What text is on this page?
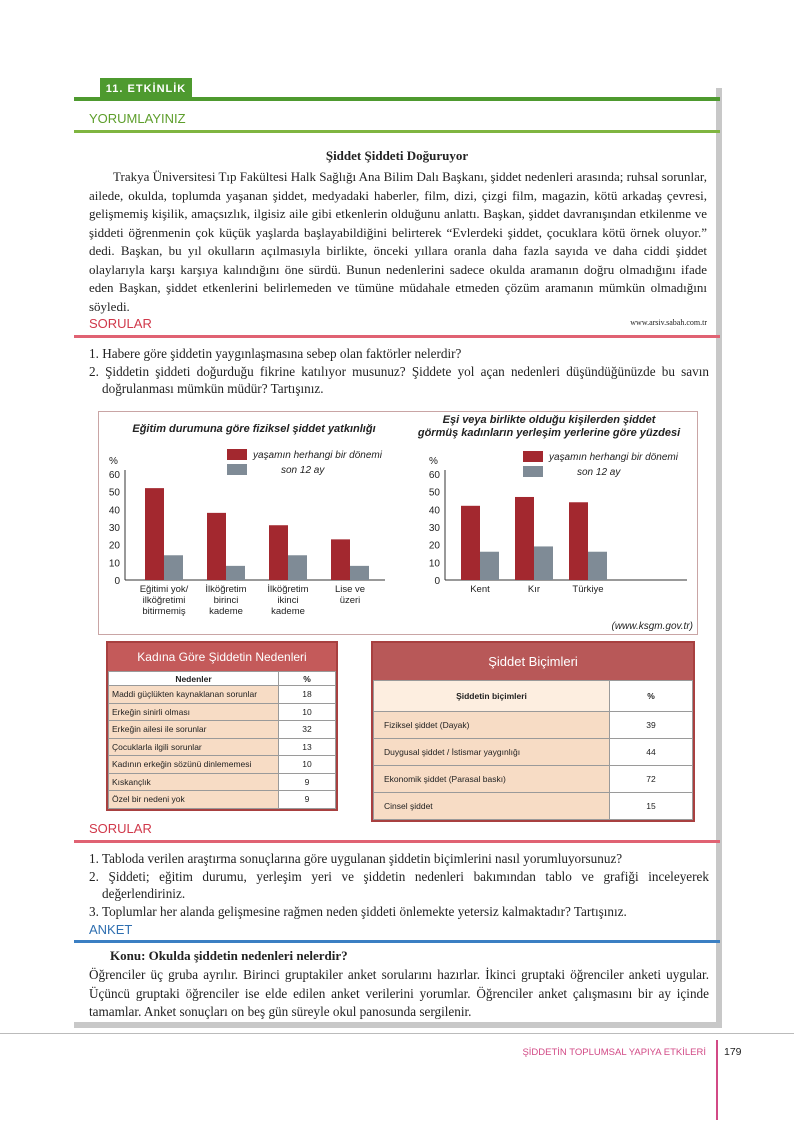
11. ETKİNLİK
YORUMLAYINIZ
Şiddet Şiddeti Doğuruyor

Trakya Üniversitesi Tıp Fakültesi Halk Sağlığı Ana Bilim Dalı Başkanı, şiddet nedenleri arasında; ruhsal sorunlar, ailede, okulda, toplumda yaşanan şiddet, medyadaki haberler, film, dizi, çizgi film, magazin, kötü arkadaş çevresi, gelişmemiş kişilik, amaçsızlık, ilgisiz aile gibi etkenlerin olduğunu anlattı. Başkan, şiddet davranışından etkilenme ve şiddeti öğrenmenin çok küçük yaşlarda başlayabildiğini belirterek “Evlerdeki şiddet, çocuklara kötü örnek oluyor.” dedi. Başkan, bu yıl okulların açılmasıyla birlikte, önceki yıllara oranla daha fazla sayıda ve daha ciddi şiddet olaylarıyla karşı karşıya kalındığını öne sürdü. Bunun nedenlerini sadece okulda aramanın doğru olmadığını ifade eden Başkan, şiddet etkenlerini belirlemeden ve tümüne müdahale etmeden çözüm aramanın mümkün olmadığını söyledi.

www.arsiv.sabah.com.tr
SORULAR

1. Habere göre şiddetin yaygınlaşmasına sebep olan faktörler nelerdir?

2. Şiddetin şiddeti doğurduğu fikrine katılıyor musunuz? Şiddete yol açan nedenleri düşündüğünüzde bu savın doğrulanması mümkün müdür? Tartışınız.

Eğitim durumuna göre fiziksel şiddet yatkınlığı
%
60
50
40
30
20
10
0
Eğitimi yok/
ilköğretimi
bitirmemiş
İlköğretim
birinci
kademe
İlköğretim
ikinci
kademe
Lise ve
üzeri
yaşamın herhangi bir dönemi
son 12 ay
Eşi veya birlikte olduğu kişilerden şiddet
görmüş kadınların yerleşim yerlerine göre yüzdesi
%
60
50
40
30
20
10
0
Kent	Kır	Türkiye
yaşamın herhangi bir dönemi
son 12 ay
(www.ksgm.gov.tr)
Kadına Göre Şiddetin Nedenleri
Nedenler	%
Maddi güçlükten kaynaklanan sorunlar	18
Erkeğin sinirli olması	10
Erkeğin ailesi ile sorunlar	32
Çocuklarla ilgili sorunlar	13
Kadının erkeğin sözünü dinlememesi	10
Kıskançlık	9
Özel bir nedeni yok	9
Şiddet Biçimleri
Şiddetin biçimleri	%
Fiziksel şiddet (Dayak)	39
Duygusal şiddet / İstismar yaygınlığı	44
Ekonomik şiddet (Parasal baskı)	72
Cinsel şiddet	15
SORULAR

1. Tabloda verilen araştırma sonuçlarına göre uygulanan şiddetin biçimlerini nasıl yorumluyorsunuz?

2. Şiddeti; eğitim durumu, yerleşim yeri ve şiddetin nedenleri bakımından tablo ve grafiği inceleyerek değerlendiriniz.

3. Toplumlar her alanda gelişmesine rağmen neden şiddeti önlemekte yetersiz kalmaktadır? Tartışınız.

ANKET
Konu: Okulda şiddetin nedenleri nelerdir?

Öğrenciler üç gruba ayrılır. Birinci gruptakiler anket sorularını hazırlar. İkinci gruptaki öğrenciler anketi uygular. Üçüncü gruptaki öğrenciler ise elde edilen anket verilerini yorumlar. Öğrenciler anket çalışmasını bir ay içinde tamamlar. Anket sonuçları on beş gün süreyle okul panosunda sergilenir.

ŞİDDETİN TOPLUMSAL YAPIYA ETKİLERİ 179
